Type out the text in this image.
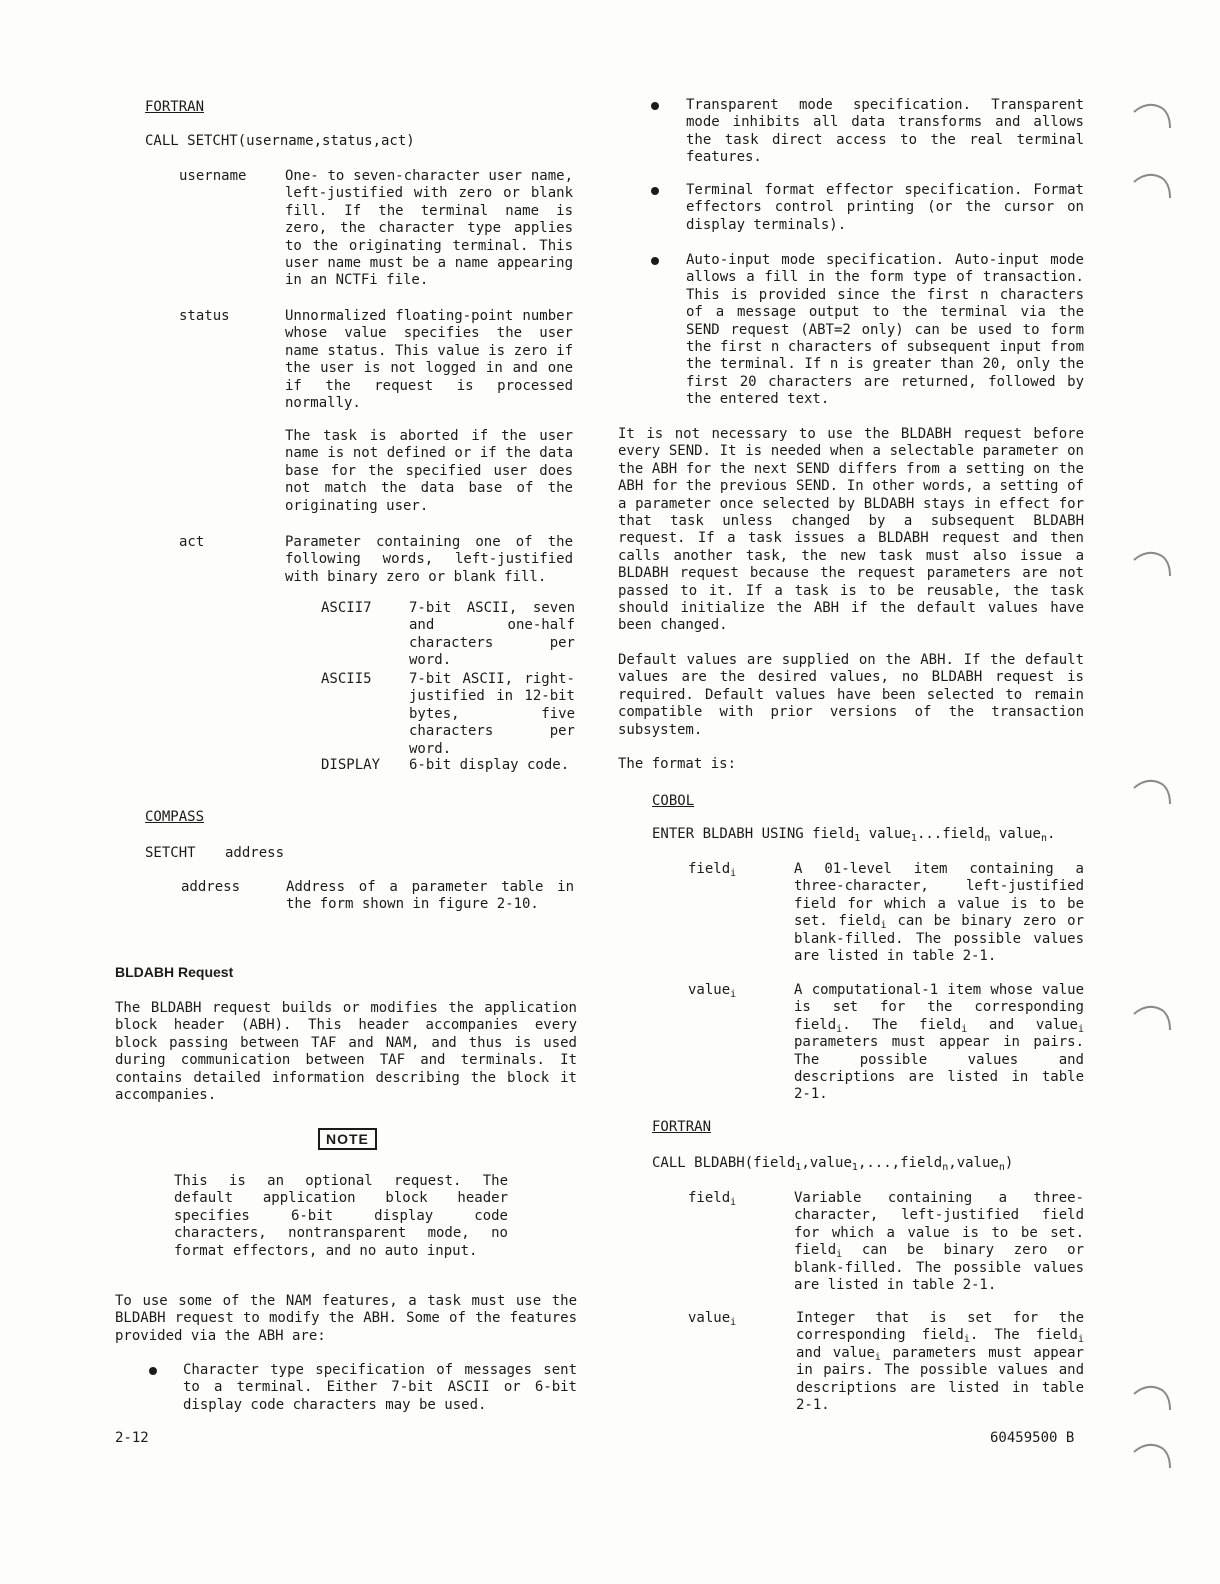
FORTRAN
CALL SETCHT(username,status,act)
username	One- to seven-character user name, left-justified with zero or blank fill. If the terminal name is zero, the character type applies to the originating terminal. This user name must be a name appearing in an NCTFi file.
status	Unnormalized floating-point number whose value specifies the user name status. This value is zero if the user is not logged in and one if the request is processed normally.
The task is aborted if the user name is not defined or if the data base for the specified user does not match the data base of the originating user.
act	Parameter containing one of the following words, left-justified with binary zero or blank fill.
ASCII7	7-bit ASCII, seven and one-half characters per word.
ASCII5	7-bit ASCII, right-justified in 12-bit bytes, five characters per word.
DISPLAY 6-bit display code.
COMPASS
SETCHT address
address	Address of a parameter table in the form shown in figure 2-10.
BLDABH Request
The BLDABH request builds or modifies the application block header (ABH). This header accompanies every block passing between TAF and NAM, and thus is used during communication between TAF and terminals. It contains detailed information describing the block it accompanies.
NOTE
This is an optional request. The default application block header specifies 6-bit display code characters, nontransparent mode, no format effectors, and no auto input.
To use some of the NAM features, a task must use the BLDABH request to modify the ABH. Some of the features provided via the ABH are:
Character type specification of messages sent to a terminal. Either 7-bit ASCII or 6-bit display code characters may be used.
Transparent mode specification. Transparent mode inhibits all data transforms and allows the task direct access to the real terminal features.
Terminal format effector specification. Format effectors control printing (or the cursor on display terminals).
Auto-input mode specification. Auto-input mode allows a fill in the form type of transaction. This is provided since the first n characters of a message output to the terminal via the SEND request (ABT=2 only) can be used to form the first n characters of subsequent input from the terminal. If n is greater than 20, only the first 20 characters are returned, followed by the entered text.
It is not necessary to use the BLDABH request before every SEND. It is needed when a selectable parameter on the ABH for the next SEND differs from a setting on the ABH for the previous SEND. In other words, a setting of a parameter once selected by BLDABH stays in effect for that task unless changed by a subsequent BLDABH request. If a task issues a BLDABH request and then calls another task, the new task must also issue a BLDABH request because the request parameters are not passed to it. If a task is to be reusable, the task should initialize the ABH if the default values have been changed.
Default values are supplied on the ABH. If the default values are the desired values, no BLDABH request is required. Default values have been selected to remain compatible with prior versions of the transaction subsystem.
The format is:
COBOL
ENTER BLDABH USING field$_1$ value$_1$...field$_n$ value$_n$.
field$_i$	A 01-level item containing a three-character, left-justified field for which a value is to be set. field$_i$ can be binary zero or blank-filled. The possible values are listed in table 2-1.
value$_i$	A computational-1 item whose value is set for the corresponding field$_i$. The field$_i$ and value$_i$ parameters must appear in pairs. The possible values and descriptions are listed in table 2-1.
FORTRAN
CALL BLDABH(field$_1$,value$_1$,...,field$_n$,value$_n$)
field$_i$	Variable containing a three-character, left-justified field for which a value is to be set. field$_i$ can be binary zero or blank-filled. The possible values are listed in table 2-1.
value$_i$	Integer that is set for the corresponding field$_i$. The field$_i$ and value$_i$ parameters must appear in pairs. The possible values and descriptions are listed in table 2-1.
2-12	60459500 B
